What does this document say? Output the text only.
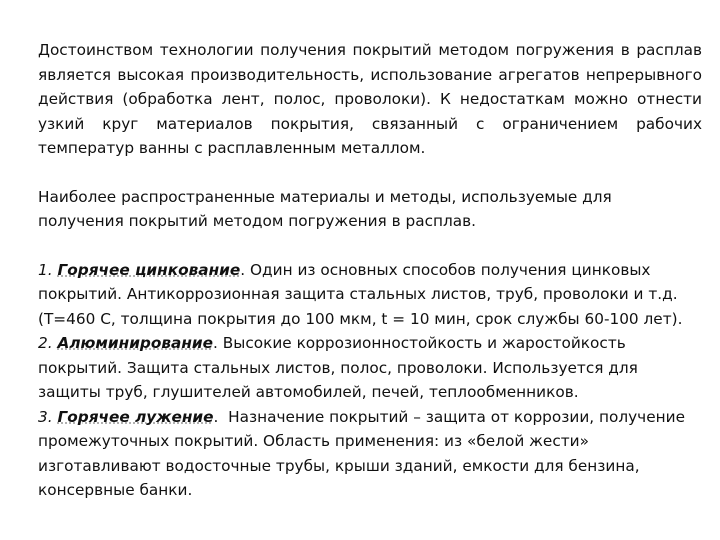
Достоинством технологии получения покрытий методом погружения в расплав является высокая производительность, использование агрегатов непрерывного действия (обработка лент, полос, проволоки). К недостаткам можно отнести узкий круг материалов покрытия, связанный с ограничением рабочих температур ванны с расплавленным металлом.

Наиболее распространенные материалы и методы, используемые для получения покрытий методом погружения в расплав.

1. Горячее цинкование. Один из основных способов получения цинковых покрытий. Антикоррозионная защита стальных листов, труб, проволоки и т.д. (Т=460 С, толщина покрытия до 100 мкм, t = 10 мин, срок службы 60-100 лет).

2. Алюминирование. Высокие коррозионностойкость и жаростойкость покрытий. Защита стальных листов, полос, проволоки. Используется для защиты труб, глушителей автомобилей, печей, теплообменников.

3. Горячее лужение.  Назначение покрытий – защита от коррозии, получение промежуточных покрытий. Область применения: из «белой жести» изготавливают водосточные трубы, крыши зданий, емкости для бензина, консервные банки.
